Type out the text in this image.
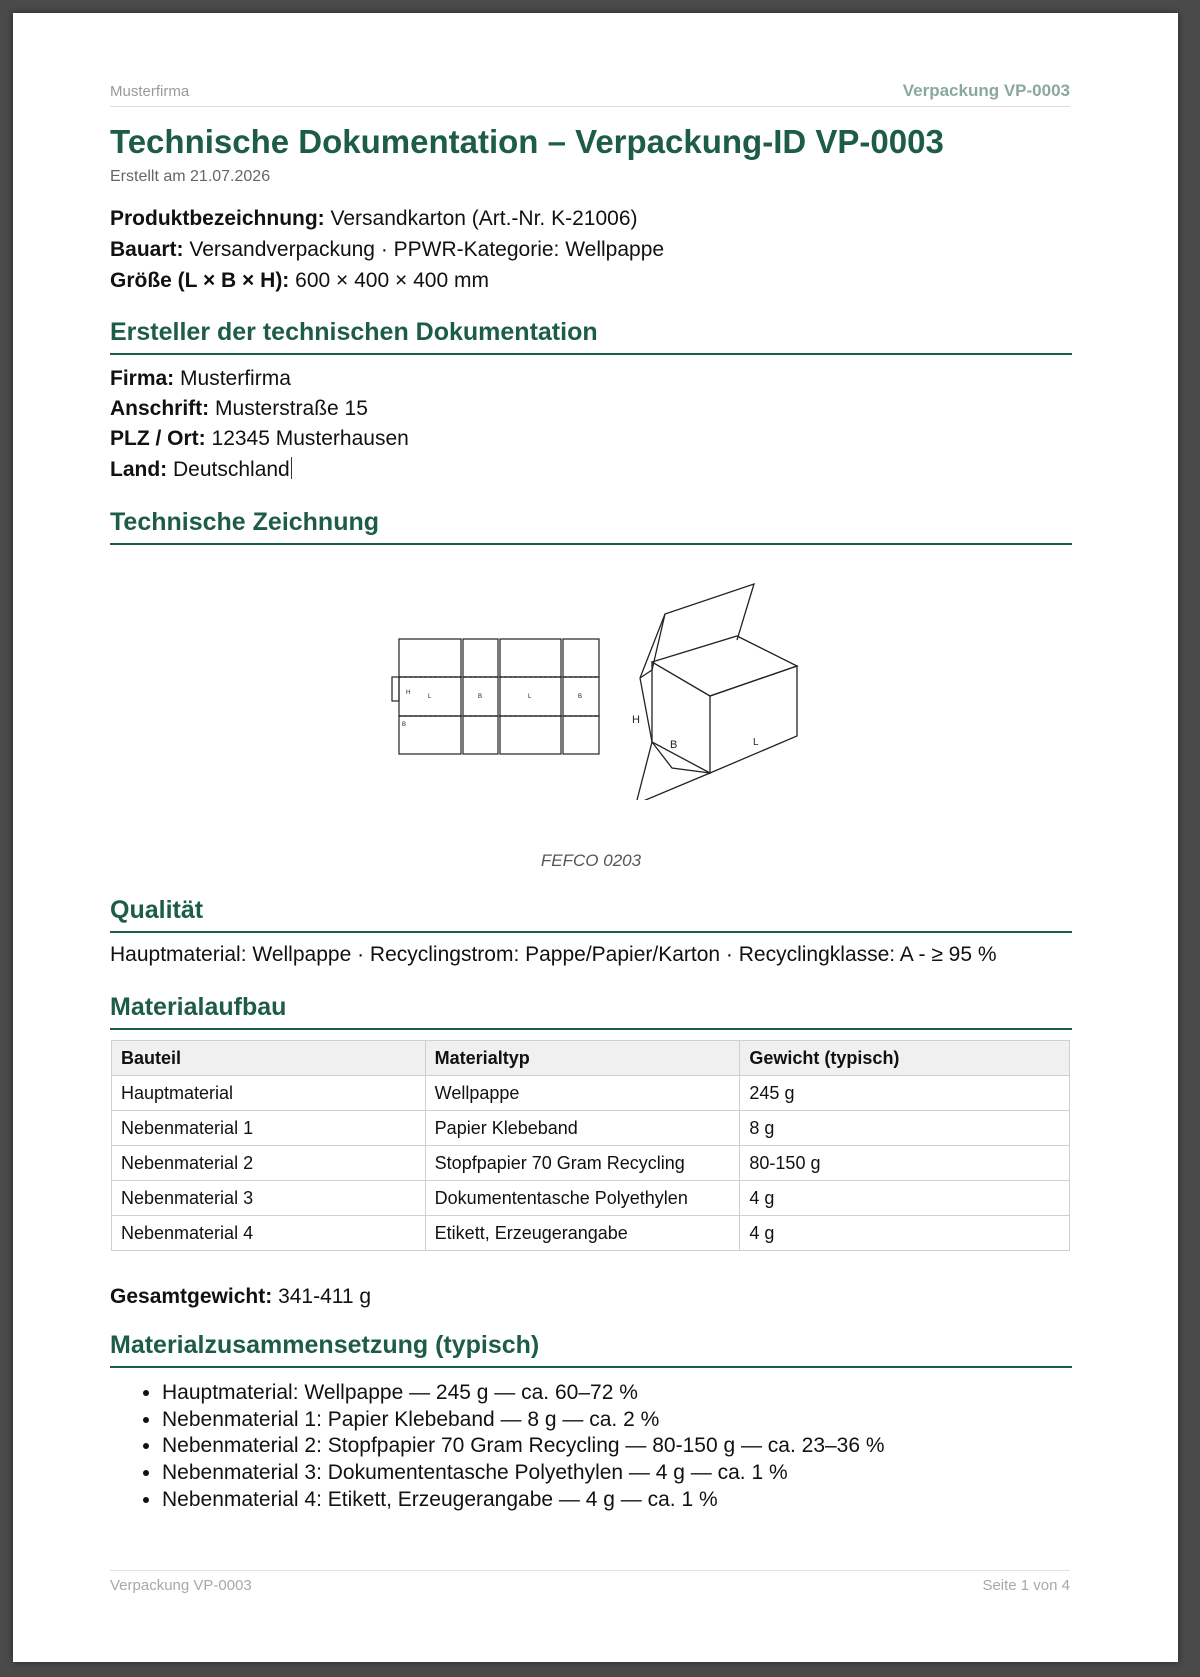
Musterfirma	Verpackung VP-0003
Technische Dokumentation – Verpackung-ID VP-0003
Erstellt am 21.07.2026
Produktbezeichnung: Versandkarton (Art.-Nr. K-21006)
Bauart: Versandverpackung · PPWR-Kategorie: Wellpappe
Größe (L × B × H): 600 × 400 × 400 mm
Ersteller der technischen Dokumentation
Firma: Musterfirma
Anschrift: Musterstraße 15
PLZ / Ort: 12345 Musterhausen
Land: Deutschland
Technische Zeichnung
H
L	B	L	B
B	H
B	L
FEFCO 0203
Qualität
Hauptmaterial: Wellpappe · Recyclingstrom: Pappe/Papier/Karton · Recyclingklasse: A - ≥ 95 %
Materialaufbau
Bauteil	Materialtyp	Gewicht (typisch)
Hauptmaterial	Wellpappe	245 g
Nebenmaterial 1	Papier Klebeband	8 g
Nebenmaterial 2	Stopfpapier 70 Gram Recycling	80-150 g
Nebenmaterial 3	Dokumententasche Polyethylen	4 g
Nebenmaterial 4	Etikett, Erzeugerangabe	4 g
Gesamtgewicht: 341-411 g
Materialzusammensetzung (typisch)
• Hauptmaterial: Wellpappe — 245 g — ca. 60–72 %
• Nebenmaterial 1: Papier Klebeband — 8 g — ca. 2 %
• Nebenmaterial 2: Stopfpapier 70 Gram Recycling — 80-150 g — ca. 23–36 %
• Nebenmaterial 3: Dokumententasche Polyethylen — 4 g — ca. 1 %
• Nebenmaterial 4: Etikett, Erzeugerangabe — 4 g — ca. 1 %
Verpackung VP-0003	Seite 1 von 4
